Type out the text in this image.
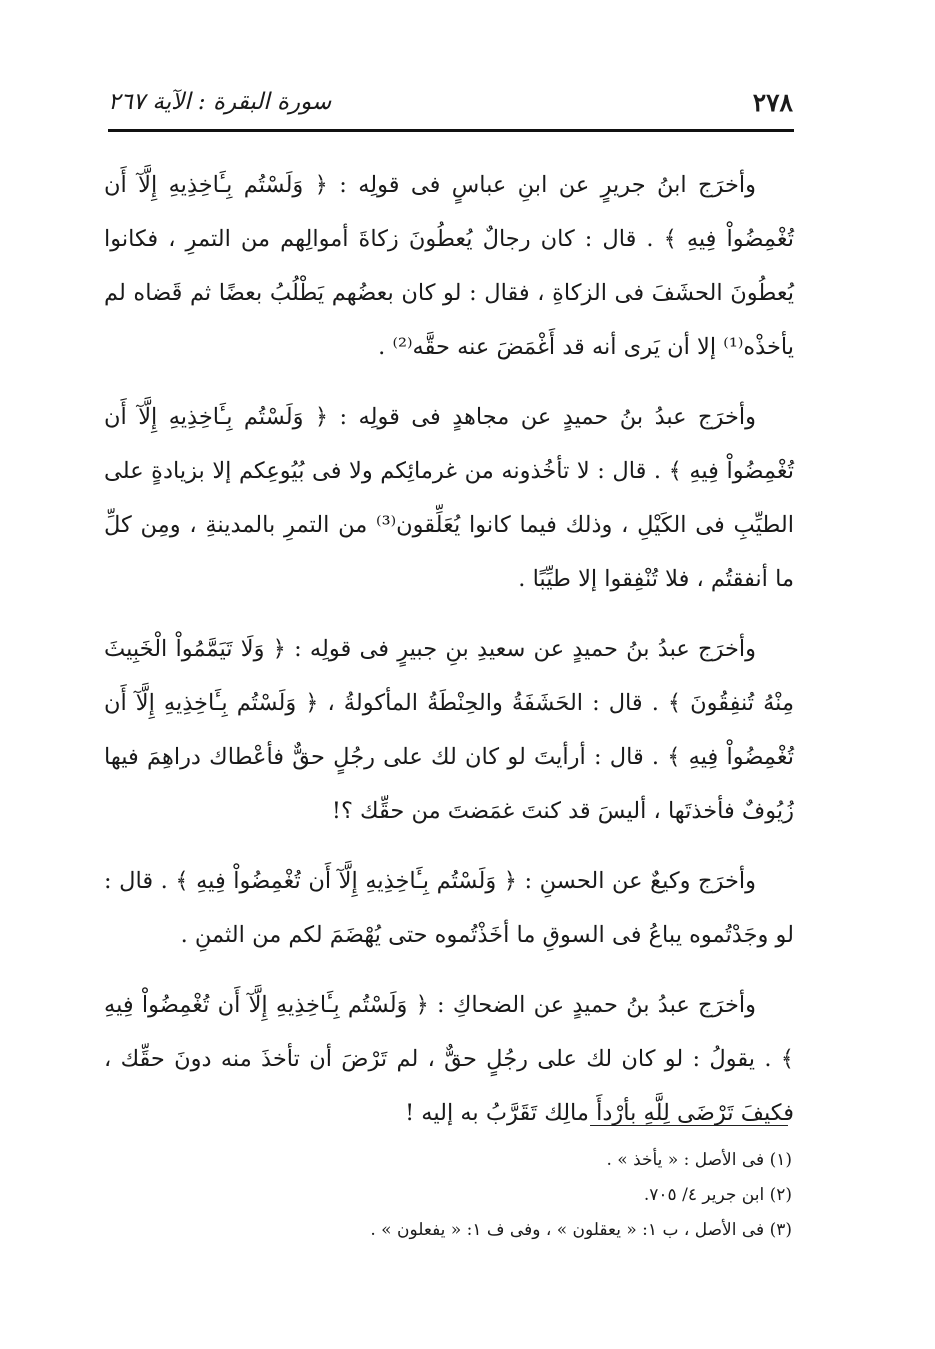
٢٧٨
سورة البقرة : الآية ٢٦٧

وأخرَج ابنُ جريرٍ عن ابنِ عباسٍ فى قولِه : ﴿ وَلَسْتُم بِـَٔاخِذِيهِ إِلَّآ أَن تُغْمِضُواْ فِيهِ ﴾ . قال : كان رجالٌ يُعطُونَ زكاةَ أموالِهم من التمرِ ، فكانوا يُعطُونَ الحشَفَ فى الزكاةِ ، فقال : لو كان بعضُهم يَطْلُبُ بعضًا ثم قَضاه لم يأخذْه⁽¹⁾ إلا أن يَرى أنه قد أَغْمَضَ عنه حقَّه⁽²⁾ .

وأخرَج عبدُ بنُ حميدٍ عن مجاهدٍ فى قولِه : ﴿ وَلَسْتُم بِـَٔاخِذِيهِ إِلَّآ أَن تُغْمِضُواْ فِيهِ ﴾ . قال : لا تأخُذونه من غرمائِكم ولا فى بُيُوعِكم إلا بزيادةٍ على الطيِّبِ فى الكَيْلِ ، وذلك فيما كانوا يُعَلِّقون⁽³⁾ من التمرِ بالمدينةِ ، ومِن كلِّ ما أنفقتُم ، فلا تُنْفِقوا إلا طيِّبًا .

وأخرَج عبدُ بنُ حميدٍ عن سعيدِ بنِ جبيرٍ فى قولِه : ﴿ وَلَا تَيَمَّمُواْ الْخَبِيثَ مِنْهُ تُنفِقُونَ ﴾ . قال : الحَشَفَةُ والحِنْطَةُ المأكولةُ ، ﴿ وَلَسْتُم بِـَٔاخِذِيهِ إِلَّآ أَن تُغْمِضُواْ فِيهِ ﴾ . قال : أرأيتَ لو كان لك على رجُلٍ حقٌّ فأعْطاك دراهِمَ فيها زُيُوفٌ فأخذتَها ، أليسَ قد كنتَ غمَضتَ من حقِّك ؟!

وأخرَج وكيعٌ عن الحسنِ : ﴿ وَلَسْتُم بِـَٔاخِذِيهِ إِلَّآ أَن تُغْمِضُواْ فِيهِ ﴾ . قال : لو وجَدْتُموه يباعُ فى السوقِ ما أخَذْتُموه حتى يُهْضَمَ لكم من الثمنِ .

وأخرَج عبدُ بنُ حميدٍ عن الضحاكِ : ﴿ وَلَسْتُم بِـَٔاخِذِيهِ إِلَّآ أَن تُغْمِضُواْ فِيهِ ﴾ . يقولُ : لو كان لك على رجُلٍ حقٌّ ، لم تَرْضَ أن تأخذَ منه دونَ حقِّك ، فكيفَ تَرْضَى لِلَّهِ بأرْدأَ مالِك تَقَرَّبُ به إليه !

(١) فى الأصل : « يأخذ » .
(٢) ابن جرير ٤/ ٧٠٥.
(٣) فى الأصل ، ب ١: « يعقلون » ، وفى ف ١: « يفعلون » .
